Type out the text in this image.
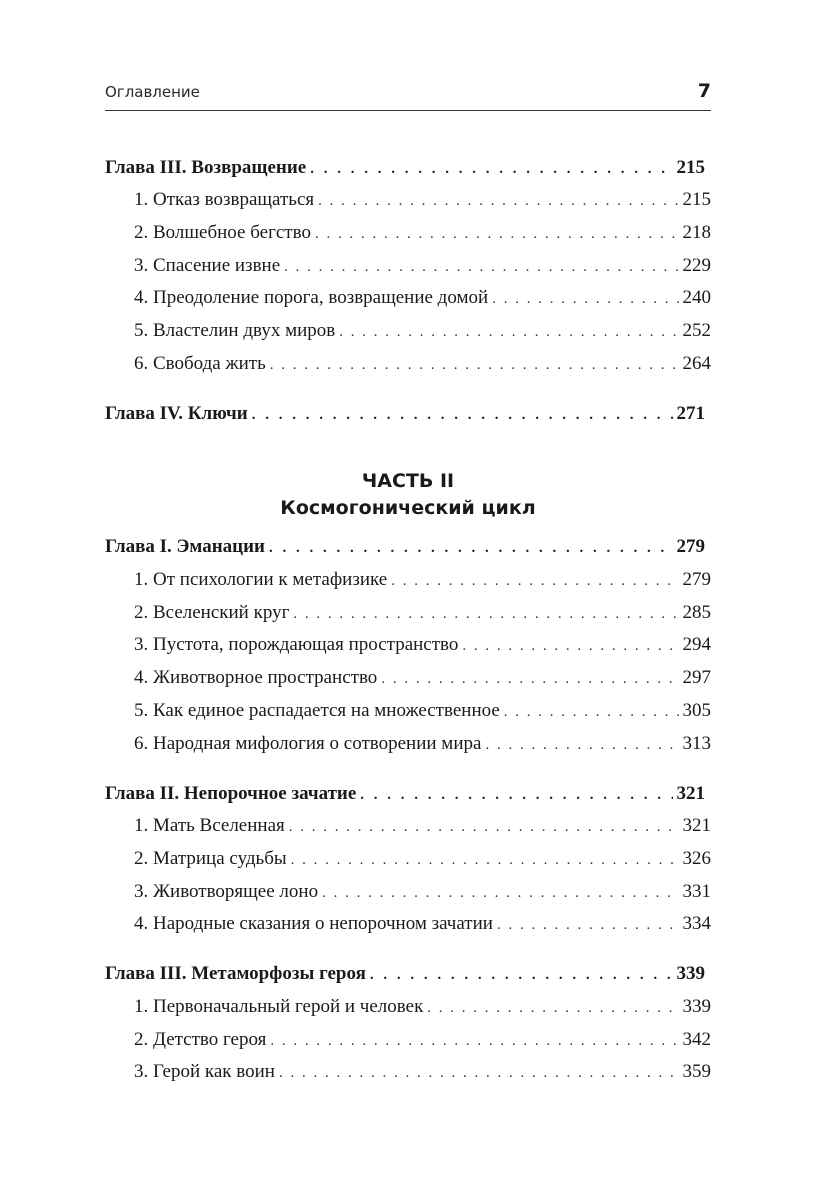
Оглавление	7
Глава III. Возвращение . . .	215
1. Отказ возвращаться . . .	215
2. Волшебное бегство . . .	218
3. Спасение извне . . .	229
4. Преодоление порога, возвращение домой . . .	240
5. Властелин двух миров . . .	252
6. Свобода жить . . .	264
Глава IV. Ключи . . .	271
ЧАСТЬ II
Космогонический цикл
Глава I. Эманации . . .	279
1. От психологии к метафизике . . .	279
2. Вселенский круг . . .	285
3. Пустота, порождающая пространство . . .	294
4. Животворное пространство . . .	297
5. Как единое распадается на множественное . . .	305
6. Народная мифология о сотворении мира . . .	313
Глава II. Непорочное зачатие . . .	321
1. Мать Вселенная . . .	321
2. Матрица судьбы . . .	326
3. Животворящее лоно . . .	331
4. Народные сказания о непорочном зачатии . . .	334
Глава III. Метаморфозы героя . . .	339
1. Первоначальный герой и человек . . .	339
2. Детство героя . . .	342
3. Герой как воин . . .	359
